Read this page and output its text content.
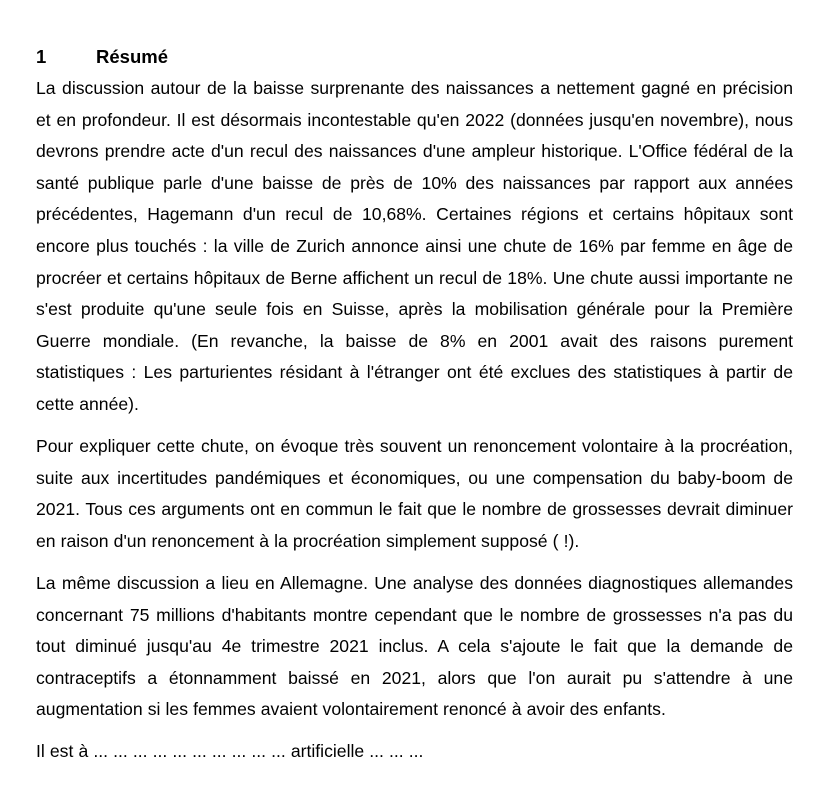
1	Résumé

La discussion autour de la baisse surprenante des naissances a nettement gagné en précision et en profondeur. Il est désormais incontestable qu'en 2022 (données jusqu'en novembre), nous devrons prendre acte d'un recul des naissances d'une ampleur historique. L'Office fédéral de la santé publique parle d'une baisse de près de 10% des naissances par rapport aux années précédentes, Hagemann d'un recul de 10,68%. Certaines régions et certains hôpitaux sont encore plus touchés : la ville de Zurich annonce ainsi une chute de 16% par femme en âge de procréer et certains hôpitaux de Berne affichent un recul de 18%. Une chute aussi importante ne s'est produite qu'une seule fois en Suisse, après la mobilisation générale pour la Première Guerre mondiale. (En revanche, la baisse de 8% en 2001 avait des raisons purement statistiques : Les parturientes résidant à l'étranger ont été exclues des statistiques à partir de cette année).

Pour expliquer cette chute, on évoque très souvent un renoncement volontaire à la procréation, suite aux incertitudes pandémiques et économiques, ou une compensation du baby-boom de 2021. Tous ces arguments ont en commun le fait que le nombre de grossesses devrait diminuer en raison d'un renoncement à la procréation simplement supposé ( !).

La même discussion a lieu en Allemagne. Une analyse des données diagnostiques allemandes concernant 75 millions d'habitants montre cependant que le nombre de grossesses n'a pas du tout diminué jusqu'au 4e trimestre 2021 inclus. A cela s'ajoute le fait que la demande de contraceptifs a étonnamment baissé en 2021, alors que l'on aurait pu s'attendre à une augmentation si les femmes avaient volontairement renoncé à avoir des enfants.

Il est à ... ... ... ... ... ... ... ... ... ... artificielle ... ... ...
